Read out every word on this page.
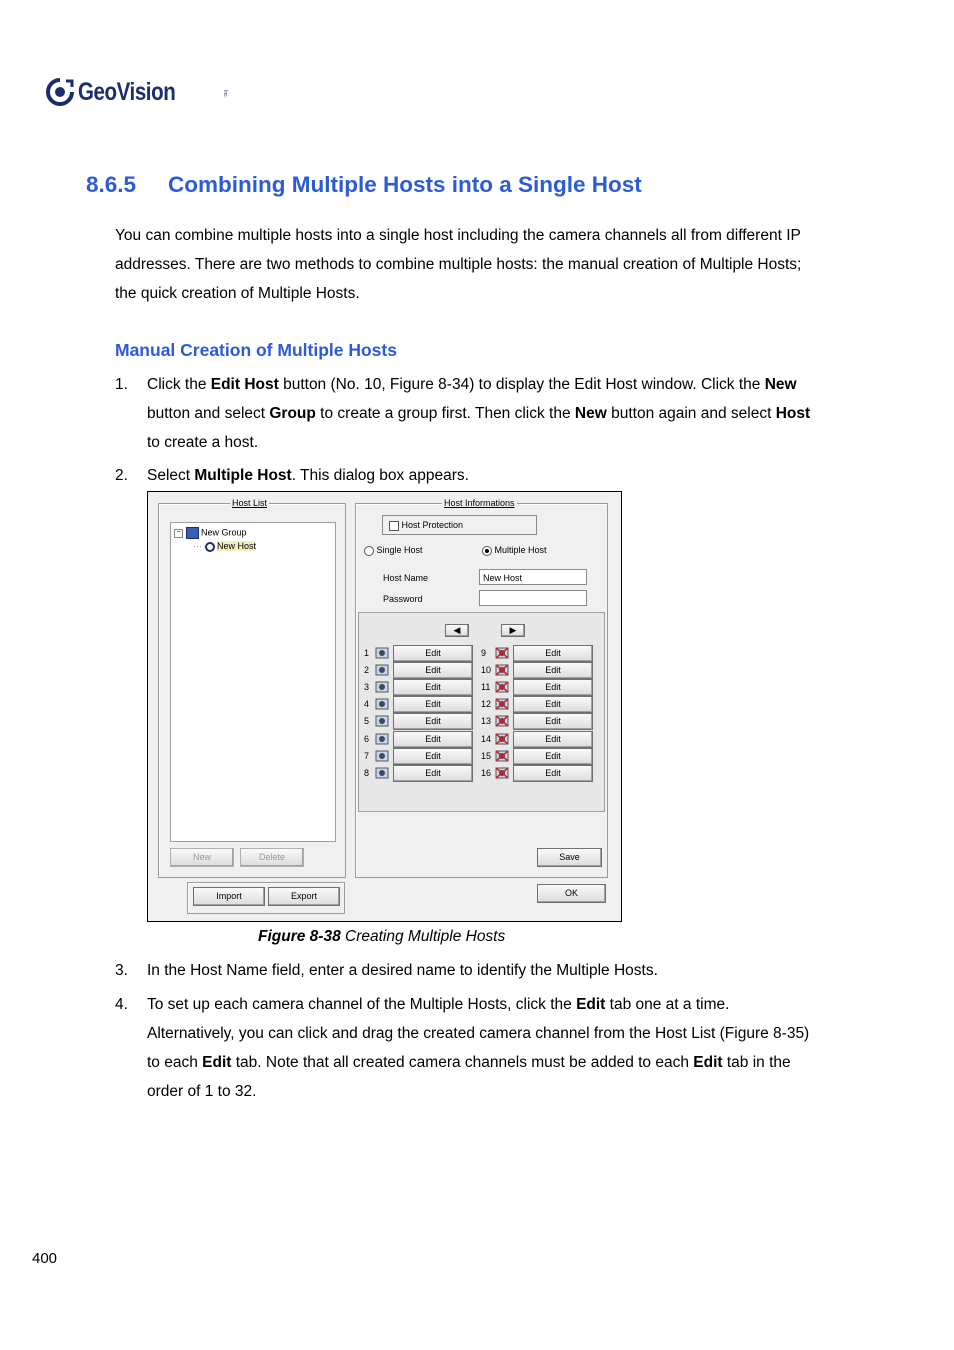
GeoVision	Inc.
8.6.5 Combining Multiple Hosts into a Single Host

You can combine multiple hosts into a single host including the camera channels all from different IP
addresses. There are two methods to combine multiple hosts: the manual creation of Multiple Hosts;
the quick creation of Multiple Hosts.

Manual Creation of Multiple Hosts
1. Click the Edit Host button (No. 10, Figure 8-34) to display the Edit Host window. Click the New
button and select Group to create a group first. Then click the New button again and select Host
to create a host.
2. Select Multiple Host. This dialog box appears.
Host List
− New Group
··· New Host
New	Delete
Import	Export
Host Informations
Host Protection
Single Host	Multiple Host
Host Name	New Host
Password
◀	▶
1	Edit
2	Edit
3	Edit
4	Edit
5	Edit
6	Edit
7	Edit
8	Edit
9	Edit
10	Edit
11	Edit
12	Edit
13	Edit
14	Edit
15	Edit
16	Edit
Save
OK
Figure 8-38 Creating Multiple Hosts
3. In the Host Name field, enter a desired name to identify the Multiple Hosts.
4. To set up each camera channel of the Multiple Hosts, click the Edit tab one at a time.
Alternatively, you can click and drag the created camera channel from the Host List (Figure 8-35)
to each Edit tab. Note that all created camera channels must be added to each Edit tab in the
order of 1 to 32.
400
